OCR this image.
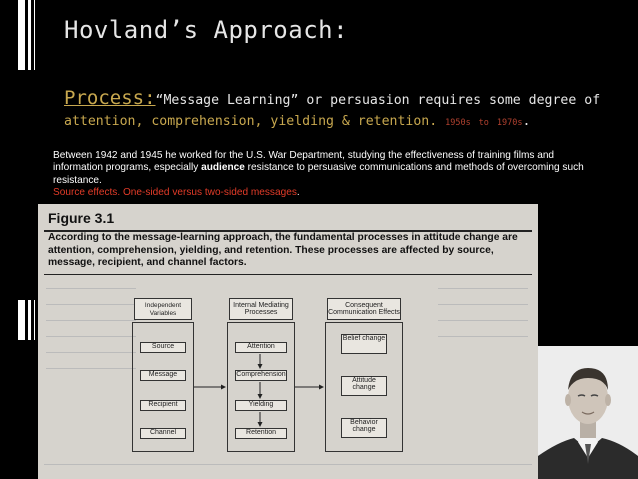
Hovland’s Approach:
Process:“Message Learning” or persuasion requires some degree of
attention, comprehension, yielding & retention. 1950s to 1970s.
Between 1942 and 1945 he worked for the U.S. War Department, studying the effectiveness of training films and information programs, especially audience resistance to persuasive communications and methods of overcoming such resistance.
Source effects. One-sided versus two-sided messages.
Figure 3.1
According to the message-learning approach, the fundamental processes in attitude change are attention, comprehension, yielding, and retention. These processes are affected by source, message, recipient, and channel factors.
Independent Variables
Internal Mediating Processes
Consequent Communication Effects
Source
Message
Recipient
Channel
Attention
Comprehension
Yielding
Retention
Belief change
Attitude change
Behavior change
